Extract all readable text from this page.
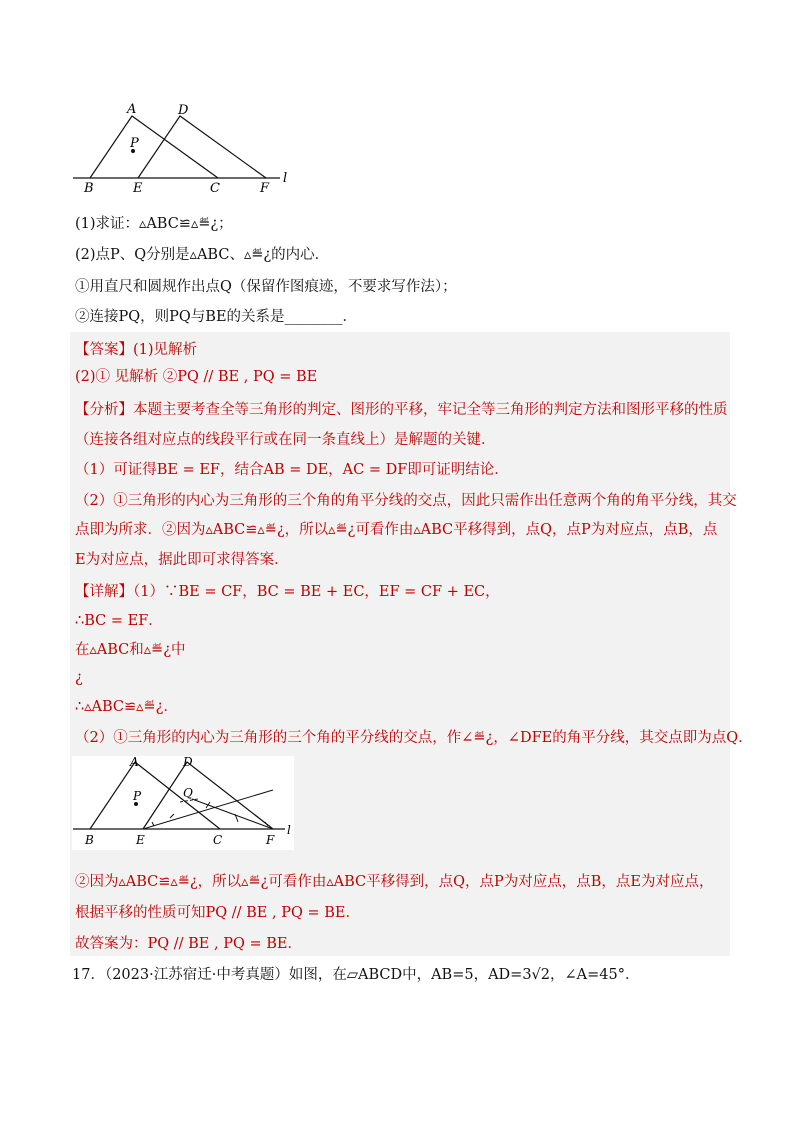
A	D
P
B	E	C	F
l
(1)求证：▵ABC≌▵≝¿；
(2)点P、Q分别是▵ABC、▵≝¿的内心．
①用直尺和圆规作出点Q（保留作图痕迹，不要求写作法）；
②连接PQ，则PQ与BE的关系是________．
【答案】(1)见解析
(2)① 见解析 ②PQ // BE , PQ = BE
【分析】本题主要考查全等三角形的判定、图形的平移，牢记全等三角形的判定方法和图形平移的性质
（连接各组对应点的线段平行或在同一条直线上）是解题的关键．
（1）可证得BE = EF，结合AB = DE，AC = DF即可证明结论．
（2）①三角形的内心为三角形的三个角的角平分线的交点，因此只需作出任意两个角的角平分线，其交
点即为所求．②因为▵ABC≌▵≝¿，所以▵≝¿可看作由▵ABC平移得到，点Q，点P为对应点，点B，点
E为对应点，据此即可求得答案．
【详解】（1）∵BE = CF，BC = BE + EC，EF = CF + EC，
∴BC = EF．
在▵ABC和▵≝¿中
¿
∴▵ABC≌▵≝¿．
（2）①三角形的内心为三角形的三个角的平分线的交点，作∠≝¿，∠DFE的角平分线，其交点即为点Q．
A	D
P	Q
B	E	C	F
l
②因为▵ABC≌▵≝¿，所以▵≝¿可看作由▵ABC平移得到，点Q，点P为对应点，点B，点E为对应点，
根据平移的性质可知PQ // BE , PQ = BE．
故答案为：PQ // BE , PQ = BE．
17．（2023·江苏宿迁·中考真题）如图，在▱ABCD中，AB=5，AD=3√2，∠A=45°．
